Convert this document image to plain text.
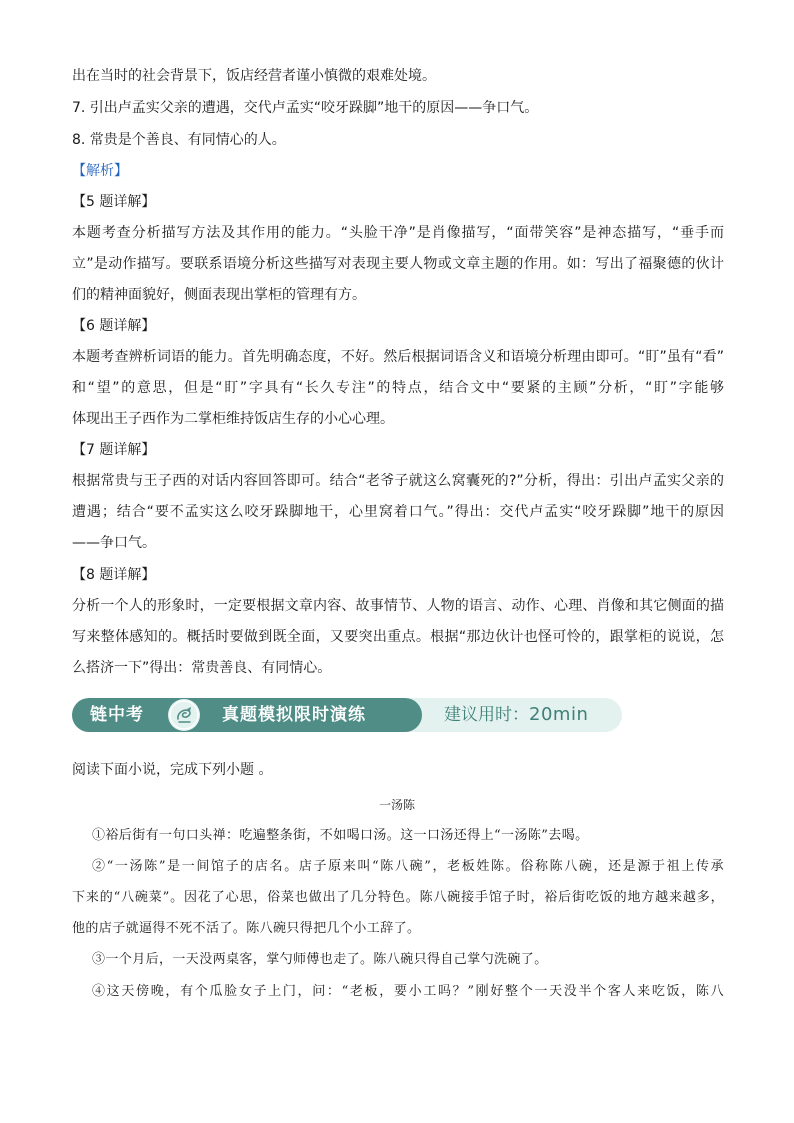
出在当时的社会背景下，饭店经营者谨小慎微的艰难处境。
7. 引出卢孟实父亲的遭遇，交代卢孟实“咬牙跺脚”地干的原因——争口气。
8. 常贵是个善良、有同情心的人。
【解析】
【5 题详解】
本题考查分析描写方法及其作用的能力。“头脸干净”是肖像描写，“面带笑容”是神态描写，“垂手而
立”是动作描写。要联系语境分析这些描写对表现主要人物或文章主题的作用。如：写出了福聚德的伙计
们的精神面貌好，侧面表现出掌柜的管理有方。
【6 题详解】
本题考查辨析词语的能力。首先明确态度，不好。然后根据词语含义和语境分析理由即可。“盯”虽有“看”
和“望”的意思，但是“盯”字具有“长久专注”的特点，结合文中“要紧的主顾”分析，“盯”字能够
体现出王子西作为二掌柜维持饭店生存的小心心理。
【7 题详解】
根据常贵与王子西的对话内容回答即可。结合“老爷子就这么窝囊死的?”分析，得出：引出卢孟实父亲的
遭遇；结合“要不孟实这么咬牙跺脚地干，心里窝着口气。”得出：交代卢孟实“咬牙跺脚”地干的原因
——争口气。
【8 题详解】
分析一个人的形象时，一定要根据文章内容、故事情节、人物的语言、动作、心理、肖像和其它侧面的描
写来整体感知的。概括时要做到既全面，又要突出重点。根据“那边伙计也怪可怜的，跟掌柜的说说，怎
么搭济一下”得出：常贵善良、有同情心。
链中考	真题模拟限时演练	建议用时：20min
阅读下面小说，完成下列小题 。
一汤陈
①裕后街有一句口头禅：吃遍整条街，不如喝口汤。这一口汤还得上“一汤陈”去喝。
②“一汤陈”是一间馆子的店名。店子原来叫“陈八碗”，老板姓陈。俗称陈八碗，还是源于祖上传承
下来的“八碗菜”。因花了心思，俗菜也做出了几分特色。陈八碗接手馆子时，裕后街吃饭的地方越来越多，
他的店子就逼得不死不活了。陈八碗只得把几个小工辞了。
③一个月后，一天没两桌客，掌勺师傅也走了。陈八碗只得自己掌勺洗碗了。
④这天傍晚，有个瓜脸女子上门，问：“老板，要小工吗？”刚好整个一天没半个客人来吃饭，陈八
